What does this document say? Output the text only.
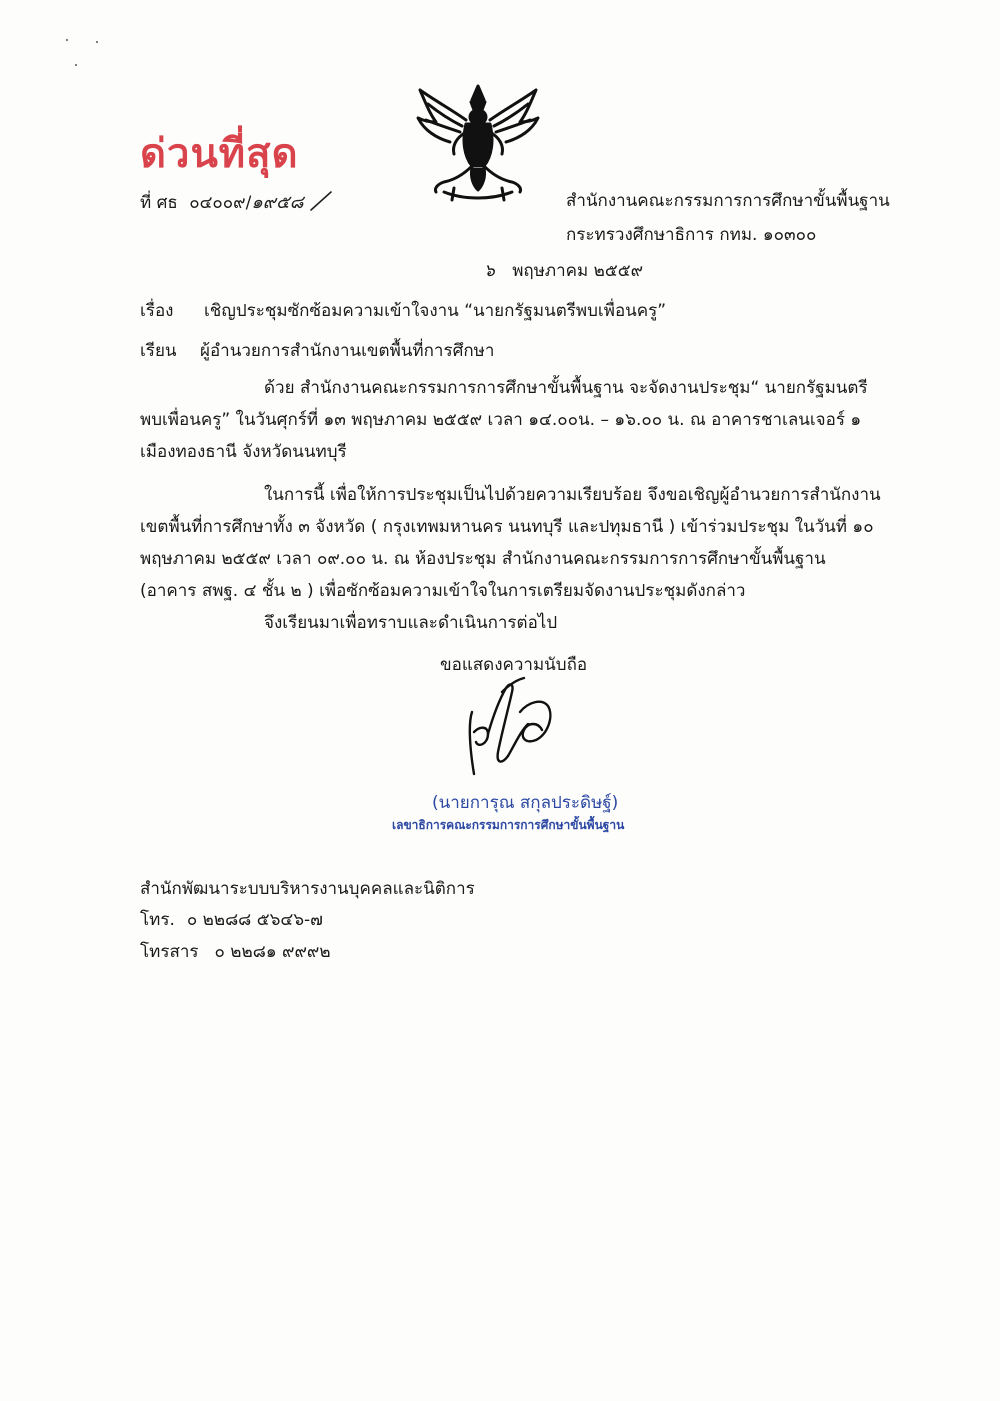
ด่วนที่สุด
ที่ ศธ ๐๔๐๐๙/๑๙๕๘	สำนักงานคณะกรรมการการศึกษาขั้นพื้นฐาน
กระทรวงศึกษาธิการ กทม. ๑๐๓๐๐
๖ พฤษภาคม ๒๕๕๙
เรื่อง เชิญประชุมซักซ้อมความเข้าใจงาน “นายกรัฐมนตรีพบเพื่อนครู”
เรียน ผู้อำนวยการสำนักงานเขตพื้นที่การศึกษา
ด้วย สำนักงานคณะกรรมการการศึกษาขั้นพื้นฐาน จะจัดงานประชุม“ นายกรัฐมนตรี
พบเพื่อนครู” ในวันศุกร์ที่ ๑๓ พฤษภาคม ๒๕๕๙ เวลา ๑๔.๐๐น. – ๑๖.๐๐ น. ณ อาคารชาเลนเจอร์ ๑
เมืองทองธานี จังหวัดนนทบุรี
ในการนี้ เพื่อให้การประชุมเป็นไปด้วยความเรียบร้อย จึงขอเชิญผู้อำนวยการสำนักงาน
เขตพื้นที่การศึกษาทั้ง ๓ จังหวัด ( กรุงเทพมหานคร นนทบุรี และปทุมธานี ) เข้าร่วมประชุม ในวันที่ ๑๐
พฤษภาคม ๒๕๕๙ เวลา ๐๙.๐๐ น. ณ ห้องประชุม สำนักงานคณะกรรมการการศึกษาขั้นพื้นฐาน
(อาคาร สพฐ. ๔ ชั้น ๒ ) เพื่อซักซ้อมความเข้าใจในการเตรียมจัดงานประชุมดังกล่าว
จึงเรียนมาเพื่อทราบและดำเนินการต่อไป
ขอแสดงความนับถือ
(นายการุณ สกุลประดิษฐ์)
เลขาธิการคณะกรรมการการศึกษาขั้นพื้นฐาน
สำนักพัฒนาระบบบริหารงานบุคคลและนิติการ
โทร. ๐ ๒๒๘๘ ๕๖๔๖-๗
โทรสาร ๐ ๒๒๘๑ ๙๙๙๒
